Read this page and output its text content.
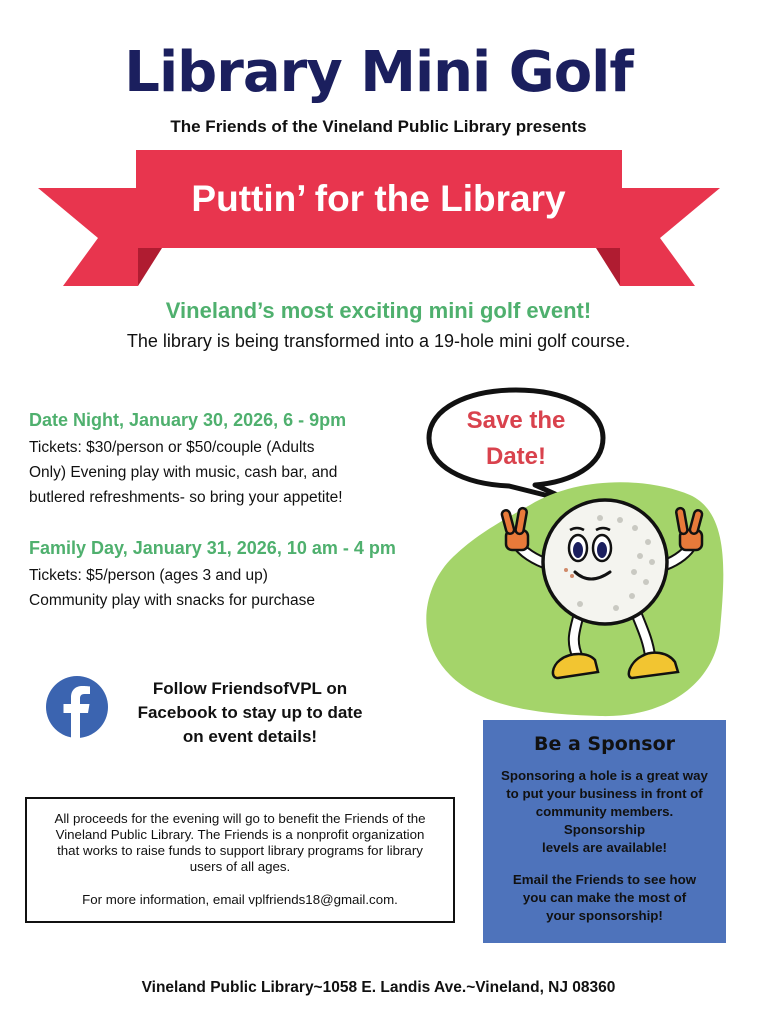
Library Mini Golf
The Friends of the Vineland Public Library presents
Puttin’ for the Library
Vineland’s most exciting mini golf event!
The library is being transformed into a 19-hole mini golf course.
Date Night, January 30, 2026, 6 - 9pm
Tickets: $30/person or $50/couple (Adults
Only) Evening play with music, cash bar, and
butlered refreshments- so bring your appetite!
Family Day, January 31, 2026, 10 am - 4 pm
Tickets: $5/person (ages 3 and up)
Community play with snacks for purchase
Save the
Date!
Follow FriendsofVPL on
Facebook to stay up to date
on event details!
All proceeds for the evening will go to benefit the Friends of the
Vineland Public Library. The Friends is a nonprofit organization
that works to raise funds to support library programs for library
users of all ages.
For more information, email vplfriends18@gmail.com.
Be a Sponsor
Sponsoring a hole is a great way
to put your business in front of
community members.
Sponsorship
levels are available!
Email the Friends to see how
you can make the most of
your sponsorship!
Vineland Public Library~1058 E. Landis Ave.~Vineland, NJ 08360
